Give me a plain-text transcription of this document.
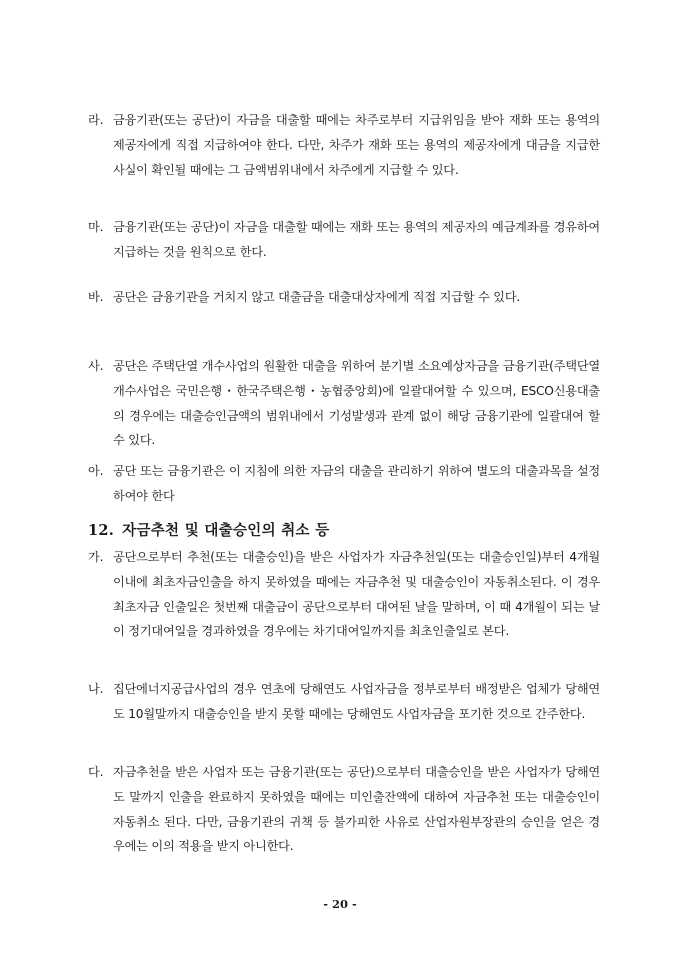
라. 금융기관(또는 공단)이 자금을 대출할 때에는 차주로부터 지급위임을 받아 재화 또는 용역의 제공자에게 직접 지급하여야 한다. 다만, 차주가 재화 또는 용역의 제공자에게 대금을 지급한 사실이 확인될 때에는 그 금액범위내에서 차주에게 지급할 수 있다.
마. 금융기관(또는 공단)이 자금을 대출할 때에는 재화 또는 용역의 제공자의 예금계좌를 경유하여 지급하는 것을 원칙으로 한다.
바. 공단은 금융기관을 거치지 않고 대출금을 대출대상자에게 직접 지급할 수 있다.
사. 공단은 주택단열 개수사업의 원활한 대출을 위하여 분기별 소요예상자금을 금융기관(주택단열개수사업은 국민은행・한국주택은행・농협중앙회)에 일괄대여할 수 있으며, ESCO신용대출의 경우에는 대출승인금액의 범위내에서 기성발생과 관계 없이 해당 금융기관에 일괄대여 할수 있다.
아. 공단 또는 금융기관은 이 지침에 의한 자금의 대출을 관리하기 위하여 별도의 대출과목을 설정하여야 한다
12. 자금추천 및 대출승인의 취소 등
가. 공단으로부터 추천(또는 대출승인)을 받은 사업자가 자금추천일(또는 대출승인일)부터 4개월이내에 최초자금인출을 하지 못하였을 때에는 자금추천 및 대출승인이 자동취소된다. 이 경우 최초자금 인출일은 첫번째 대출금이 공단으로부터 대여된 날을 말하며, 이 때 4개월이 되는 날이 정기대여일을 경과하였을 경우에는 차기대여일까지를 최초인출일로 본다.
나. 집단에너지공급사업의 경우 연초에 당해연도 사업자금을 정부로부터 배정받은 업체가 당해연도 10월말까지 대출승인을 받지 못할 때에는 당해연도 사업자금을 포기한 것으로 간주한다.
다. 자금추천을 받은 사업자 또는 금융기관(또는 공단)으로부터 대출승인을 받은 사업자가 당해연도 말까지 인출을 완료하지 못하였을 때에는 미인출잔액에 대하여 자금추천 또는 대출승인이 자동취소 된다. 다만, 금융기관의 귀책 등 불가피한 사유로 산업자원부장관의 승인을 얻은 경우에는 이의 적용을 받지 아니한다.
- 20 -
